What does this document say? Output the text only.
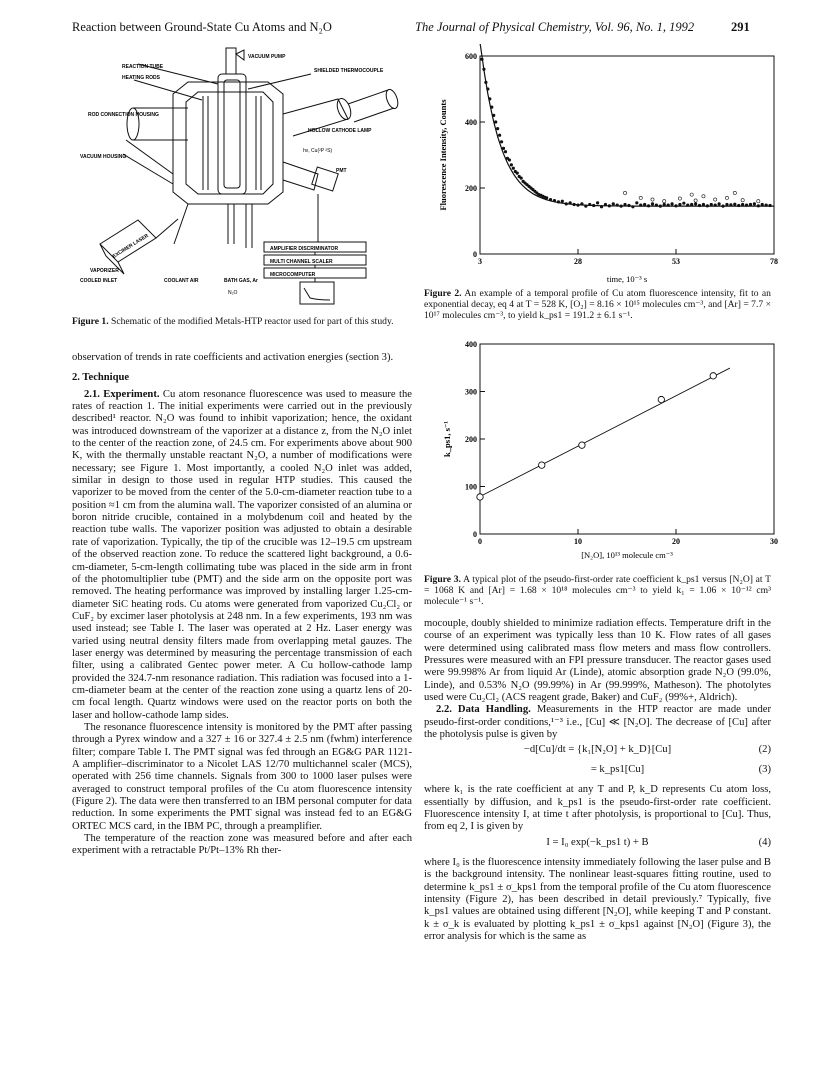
Reaction between Ground-State Cu Atoms and N₂O	The Journal of Physical Chemistry, Vol. 96, No. 1, 1992	291
REACTION TUBE
HEATING RODS
ROD CONNECTION HOUSING
VACUUM HOUSING
VACUUM PUMP
SHIELDED THERMOCOUPLE
HOLLOW CATHODE LAMP
hν, Cu(²P ²S)
PMT
EXCIMER LASER
VAPORIZER
COOLED INLET	COOLANT AIR	BATH GAS, Ar
N₂O
AMPLIFIER DISCRIMINATOR
MULTI CHANNEL SCALER
MICROCOMPUTER
Figure 1. Schematic of the modified Metals-HTP reactor used for part of this study.

observation of trends in rate coefficients and activation energies (section 3).

2. Technique

2.1. Experiment. Cu atom resonance fluorescence was used to measure the rates of reaction 1. The initial experiments were carried out in the previously described¹ reactor. N₂O was found to inhibit vaporization; hence, the oxidant was introduced downstream of the vaporizer at a distance z, from the N₂O inlet to the center of the reaction zone, of 24.5 cm. For experiments above about 900 K, with the thermally unstable reactant N₂O, a number of modifications were necessary; see Figure 1. Most importantly, a cooled N₂O inlet was added, similar in design to those used in regular HTP studies. This caused the vaporizer to be moved from the center of the 5.0-cm-diameter reaction tube to a position ≈1 cm from the alumina wall. The vaporizer consisted of an alumina or boron nitride crucible, contained in a molybdenum coil and heated by the reaction tube walls. The vaporizer position was adjusted to obtain a desirable rate of vaporization. Typically, the tip of the crucible was 12–19.5 cm upstream of the observed reaction zone. To reduce the scattered light background, a 0.6-cm-diameter, 5-cm-length collimating tube was placed in the side arm in front of the photomultiplier tube (PMT) and the side arm on the opposite port was removed. The heating performance was improved by installing larger 1.25-cm-diameter SiC heating rods. Cu atoms were generated from vaporized Cu₂Cl₂ or CuF₂ by excimer laser photolysis at 248 nm. In a few experiments, 193 nm was used instead; see Table I. The laser was operated at 2 Hz. Laser energy was varied using neutral density filters made from overlapping metal gauzes. The laser energy was determined by measuring the percentage transmission of each filter, using a calibrated Gentec power meter. A Cu hollow-cathode lamp provided the 324.7-nm resonance radiation. This radiation was focused into a 1-cm-diameter beam at the center of the reaction zone using a quartz lens of 20-cm focal length. Quartz windows were used on the reactor ports on both the laser and hollow-cathode lamp sides.

The resonance fluorescence intensity is monitored by the PMT after passing through a Pyrex window and a 327 ± 16 or 327.4 ± 2.5 nm (fwhm) interference filter; compare Table I. The PMT signal was fed through an EG&G PAR 1121-A amplifier–discriminator to a Nicolet LAS 12/70 multichannel scaler (MCS), operated with 256 time channels. Signals from 300 to 1000 laser pulses were averaged to construct temporal profiles of the Cu atom fluorescence intensity (Figure 2). The data were then transferred to an IBM personal computer for data reduction. In some experiments the PMT signal was instead fed to an EG&G ORTEC MCS card, in the IBM PC, through a preamplifier.

The temperature of the reaction zone was measured before and after each experiment with a retractable Pt/Pt–13% Rh ther-

0
200
400
600
3	28	53	78
Fluorescence Intensity, Counts
time, 10⁻³ s
Figure 2. An example of a temporal profile of Cu atom fluorescence intensity, fit to an exponential decay, eq 4 at T = 528 K, [O₂] = 8.16 × 10¹⁵ molecules cm⁻³, and [Ar] = 7.7 × 10¹⁷ molecules cm⁻³, to yield k_ps1 = 191.2 ± 6.1 s⁻¹.
0
100
200
300
400
0	10	20	30
k_ps1, s⁻¹
[N₂O], 10¹³ molecule cm⁻³
Figure 3. A typical plot of the pseudo-first-order rate coefficient k_ps1 versus [N₂O] at T = 1068 K and [Ar] = 1.68 × 10¹⁸ molecules cm⁻³ to yield k₁ = 1.06 × 10⁻¹² cm³ molecule⁻¹ s⁻¹.

mocouple, doubly shielded to minimize radiation effects. Temperature drift in the course of an experiment was typically less than 10 K. Flow rates of all gases were determined using calibrated mass flow meters and mass flow controllers. Pressures were measured with an FPI pressure transducer. The reactor gases used were 99.998% Ar from liquid Ar (Linde), atomic absorption grade N₂O (99.0%, Linde), and 0.53% N₂O (99.99%) in Ar (99.999%, Matheson). The photolytes used were Cu₂Cl₂ (ACS reagent grade, Baker) and CuF₂ (99%+, Aldrich).

2.2. Data Handling. Measurements in the HTP reactor are made under pseudo-first-order conditions,¹⁻³ i.e., [Cu] ≪ [N₂O]. The decrease of [Cu] after the photolysis pulse is given by

−d[Cu]/dt = {k₁[N₂O] + k_D}[Cu]	(2)
= k_ps1[Cu]	(3)

where k₁ is the rate coefficient at any T and P, k_D represents Cu atom loss, essentially by diffusion, and k_ps1 is the pseudo-first-order rate coefficient. Fluorescence intensity I, at time t after photolysis, is proportional to [Cu]. Thus, from eq 2, I is given by

I = I₀ exp(−k_ps1 t) + B	(4)

where I₀ is the fluorescence intensity immediately following the laser pulse and B is the background intensity. The nonlinear least-squares fitting routine, used to determine k_ps1 ± σ_kps1 from the temporal profile of the Cu atom fluorescence intensity (Figure 2), has been described in detail previously.⁷ Typically, five k_ps1 values are obtained using different [N₂O], while keeping T and P constant. k ± σ_k is evaluated by plotting k_ps1 ± σ_kps1 against [N₂O] (Figure 3), the error analysis for which is the same as
